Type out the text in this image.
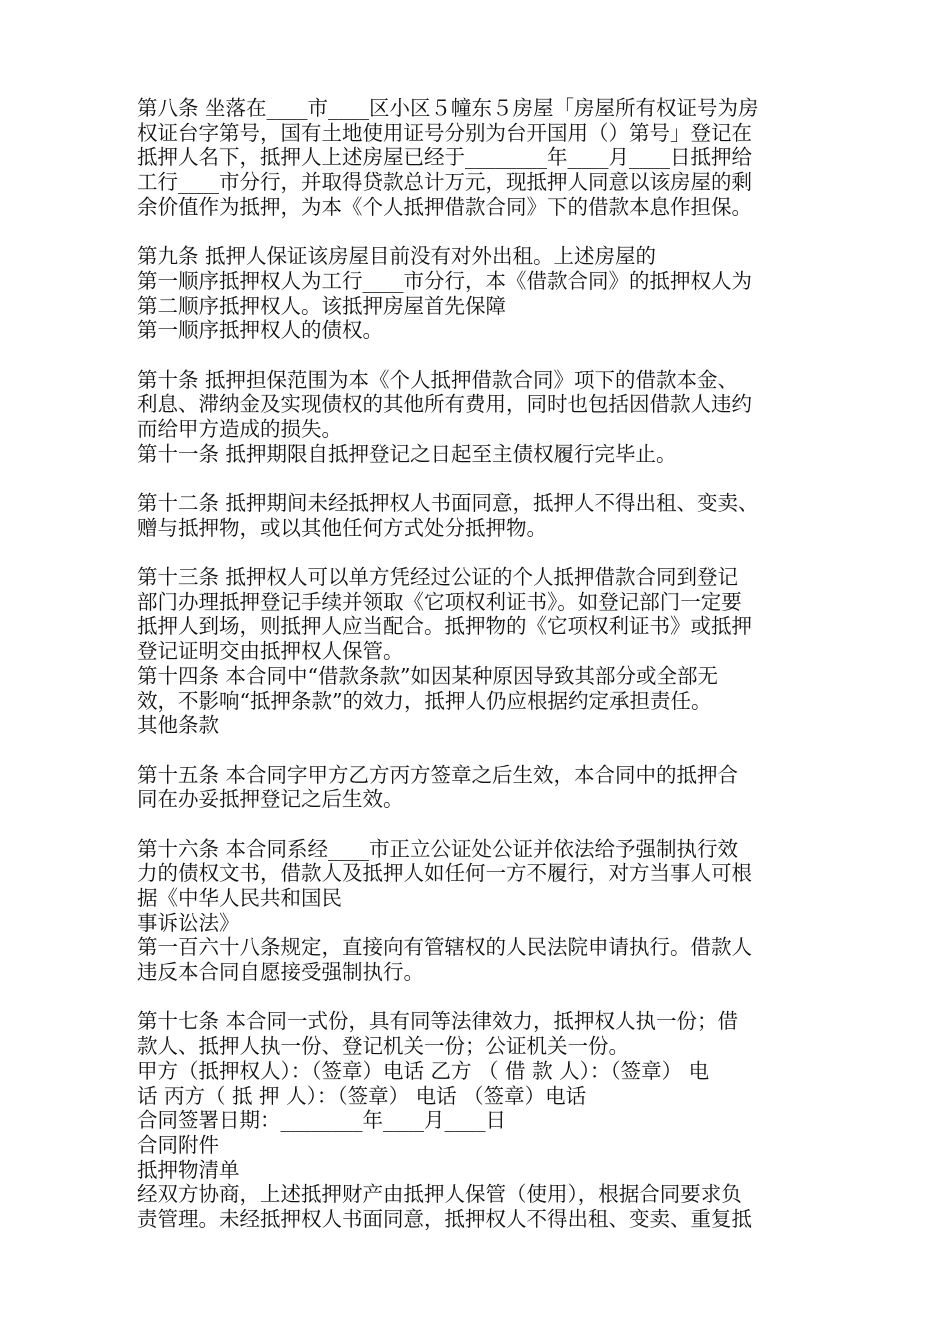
第八条 坐落在____市____区小区５幢东５房屋「房屋所有权证号为房
权证台字第号，国有土地使用证号分别为台开国用（）第号」登记在
抵押人名下，抵押人上述房屋已经于________年____月____日抵押给
工行____市分行，并取得贷款总计万元，现抵押人同意以该房屋的剩
余价值作为抵押，为本《个人抵押借款合同》下的借款本息作担保。
第九条 抵押人保证该房屋目前没有对外出租。上述房屋的
第一顺序抵押权人为工行____市分行，本《借款合同》的抵押权人为
第二顺序抵押权人。该抵押房屋首先保障
第一顺序抵押权人的债权。
第十条 抵押担保范围为本《个人抵押借款合同》项下的借款本金、
利息、滞纳金及实现债权的其他所有费用，同时也包括因借款人违约
而给甲方造成的损失。
第十一条 抵押期限自抵押登记之日起至主债权履行完毕止。
第十二条 抵押期间未经抵押权人书面同意，抵押人不得出租、变卖、
赠与抵押物，或以其他任何方式处分抵押物。
第十三条 抵押权人可以单方凭经过公证的个人抵押借款合同到登记
部门办理抵押登记手续并领取《它项权利证书》。如登记部门一定要
抵押人到场，则抵押人应当配合。抵押物的《它项权利证书》或抵押
登记证明交由抵押权人保管。
第十四条 本合同中“借款条款”如因某种原因导致其部分或全部无
效，不影响“抵押条款”的效力，抵押人仍应根据约定承担责任。
其他条款
第十五条 本合同字甲方乙方丙方签章之后生效，本合同中的抵押合
同在办妥抵押登记之后生效。
第十六条 本合同系经____市正立公证处公证并依法给予强制执行效
力的债权文书，借款人及抵押人如任何一方不履行，对方当事人可根
据《中华人民共和国民
事诉讼法》
第一百六十八条规定，直接向有管辖权的人民法院申请执行。借款人
违反本合同自愿接受强制执行。
第十七条 本合同一式份，具有同等法律效力，抵押权人执一份；借
款人、抵押人执一份、登记机关一份；公证机关一份。
甲方（抵押权人）：（签章）电话 乙方 （ 借 款 人）：（签章） 电
话 丙方（ 抵 押 人）：（签章） 电话 （签章）电话
合同签署日期：________年____月____日
合同附件
抵押物清单
经双方协商，上述抵押财产由抵押人保管（使用），根据合同要求负
责管理。未经抵押权人书面同意，抵押权人不得出租、变卖、重复抵
